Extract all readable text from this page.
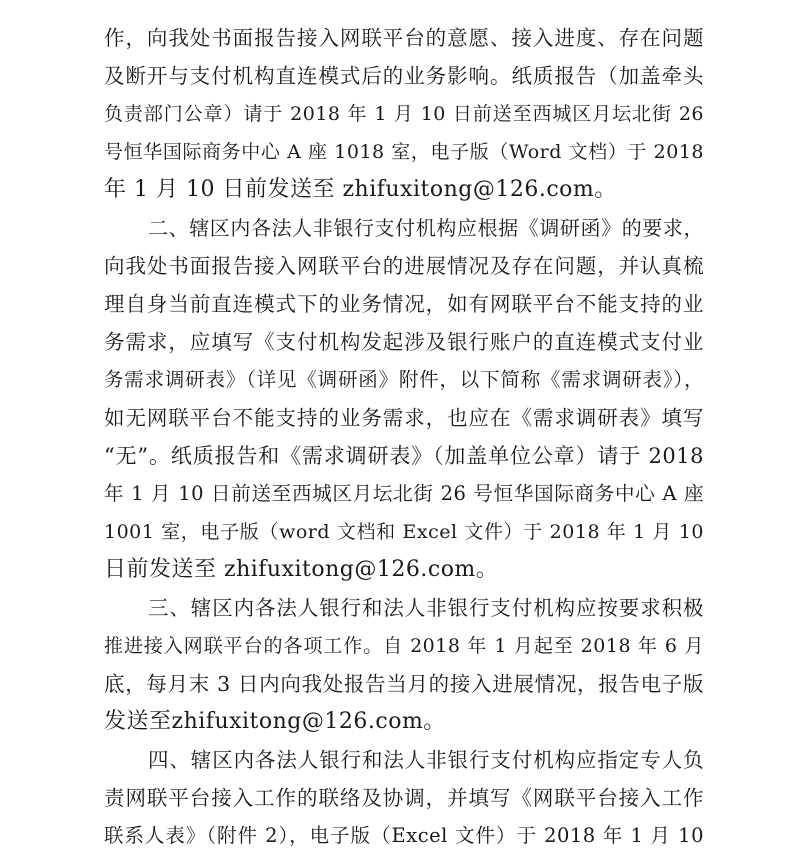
作，向我处书面报告接入网联平台的意愿、接入进度、存在问题
及断开与支付机构直连模式后的业务影响。纸质报告（加盖牵头
负责部门公章）请于 2018 年 1 月 10 日前送至西城区月坛北街 26
号恒华国际商务中心 A 座 1018 室，电子版（Word 文档）于 2018
年 1 月 10 日前发送至 zhifuxitong@126.com。
二、辖区内各法人非银行支付机构应根据《调研函》的要求，
向我处书面报告接入网联平台的进展情况及存在问题，并认真梳
理自身当前直连模式下的业务情况，如有网联平台不能支持的业
务需求，应填写《支付机构发起涉及银行账户的直连模式支付业
务需求调研表》（详见《调研函》附件，以下简称《需求调研表》），
如无网联平台不能支持的业务需求，也应在《需求调研表》填写
“无”。纸质报告和《需求调研表》（加盖单位公章）请于 2018
年 1 月 10 日前送至西城区月坛北街 26 号恒华国际商务中心 A 座
1001 室，电子版（word 文档和 Excel 文件）于 2018 年 1 月 10
日前发送至 zhifuxitong@126.com。
三、辖区内各法人银行和法人非银行支付机构应按要求积极
推进接入网联平台的各项工作。自 2018 年 1 月起至 2018 年 6 月
底，每月末 3 日内向我处报告当月的接入进展情况，报告电子版
发送至zhifuxitong@126.com。
四、辖区内各法人银行和法人非银行支付机构应指定专人负
责网联平台接入工作的联络及协调，并填写《网联平台接入工作
联系人表》（附件 2），电子版（Excel 文件）于 2018 年 1 月 10
